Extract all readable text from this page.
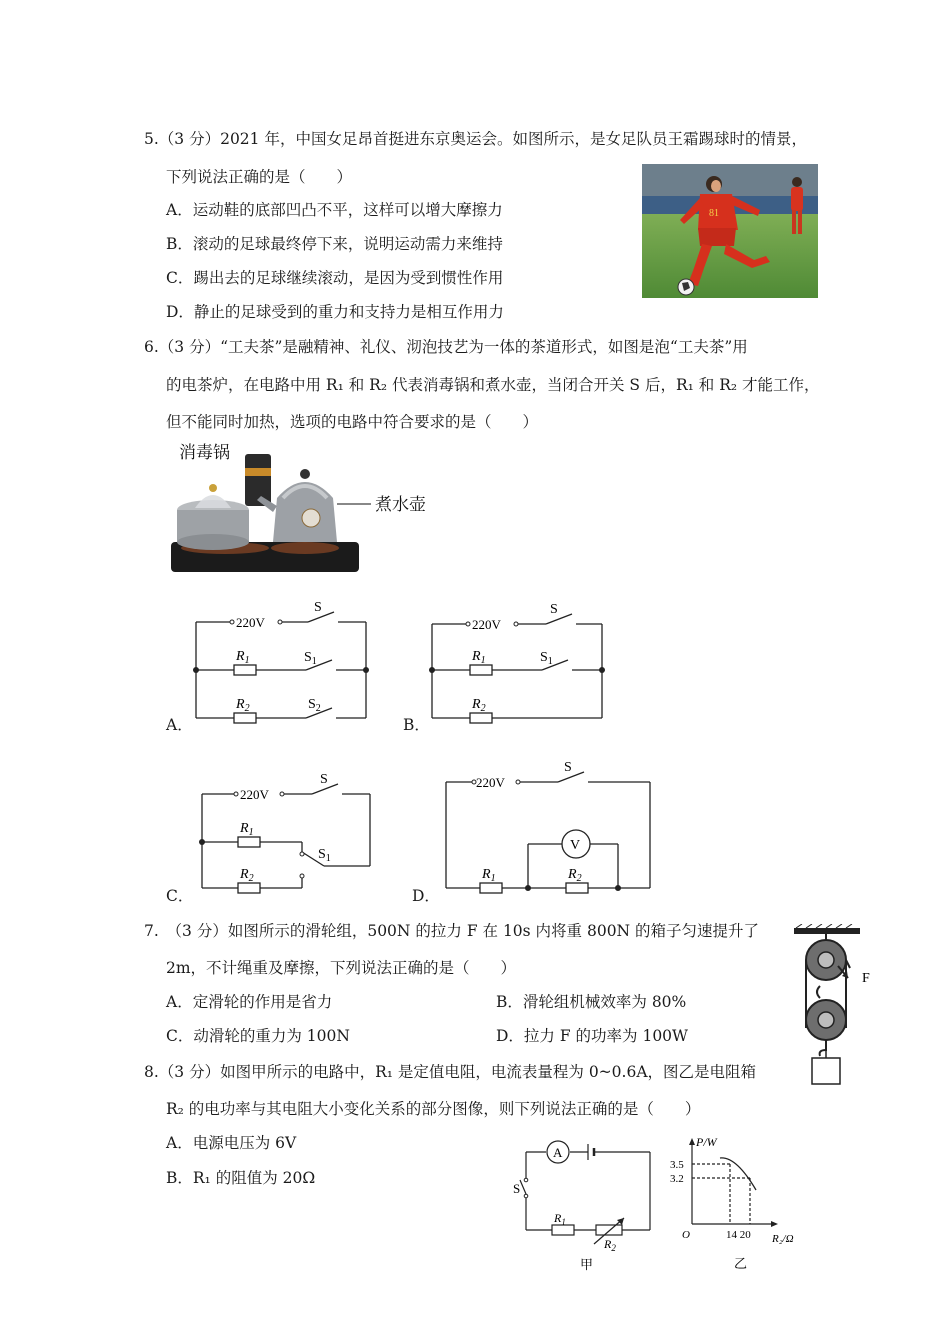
5.（3 分）2021 年，中国女足昂首挺进东京奥运会。如图所示，是女足队员王霜踢球时的情景，
下列说法正确的是（　　）
A．运动鞋的底部凹凸不平，这样可以增大摩擦力
B．滚动的足球最终停下来，说明运动需力来维持
C．踢出去的足球继续滚动，是因为受到惯性作用
D．静止的足球受到的重力和支持力是相互作用力
81
6.（3 分）“工夫茶”是融精神、礼仪、沏泡技艺为一体的茶道形式，如图是泡“工夫茶”用
的电茶炉，在电路中用 R₁ 和 R₂ 代表消毒锅和煮水壶，当闭合开关 S 后，R₁ 和 R₂ 才能工作，
但不能同时加热，选项的电路中符合要求的是（　　）
消毒锅
煮水壶
A．
220V
S
$R_1$	$S_1$
$R_2$	$S_2$
B．
220V
S
$R_1$	$S_1$
$R_2$
C．
220V
S
$R_1$
$S_1$
$R_2$
D．
220V
S
V
$R_1$	$R_2$
7.　（3 分）如图所示的滑轮组，500N 的拉力 F 在 10s 内将重 800N 的箱子匀速提升了
2m，不计绳重及摩擦，下列说法正确的是（　　）
A．定滑轮的作用是省力	B．滑轮组机械效率为 80%
C．动滑轮的重力为 100N	D．拉力 F 的功率为 100W
F
8.（3 分）如图甲所示的电路中，R₁ 是定值电阻，电流表量程为 0~0.6A，图乙是电阻箱
R₂ 的电功率与其电阻大小变化关系的部分图像，则下列说法正确的是（　　）
A．电源电压为 6V
B．R₁ 的阻值为 20Ω
A
S
$R_1$
$R_2$
甲
P/W
3.5
3.2
O	14 20 R₂/Ω
乙
